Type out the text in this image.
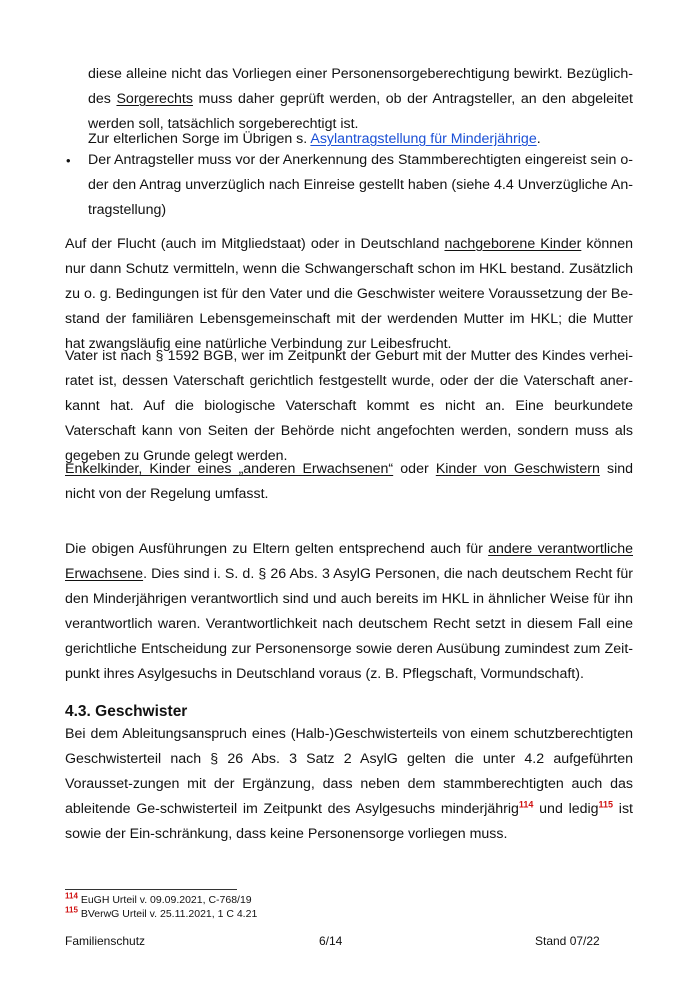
diese alleine nicht das Vorliegen einer Personensorgeberechtigung bewirkt. Bezüglich-des Sorgerechts muss daher geprüft werden, ob der Antragsteller, an den abgeleitet werden soll, tatsächlich sorgeberechtigt ist.

Zur elterlichen Sorge im Übrigen s. Asylantragstellung für Minderjährige.

• Der Antragsteller muss vor der Anerkennung des Stammberechtigten eingereist sein o-der den Antrag unverzüglich nach Einreise gestellt haben (siehe 4.4 Unverzügliche An-tragstellung)

Auf der Flucht (auch im Mitgliedstaat) oder in Deutschland nachgeborene Kinder können nur dann Schutz vermitteln, wenn die Schwangerschaft schon im HKL bestand. Zusätzlich zu o. g. Bedingungen ist für den Vater und die Geschwister weitere Voraussetzung der Be-stand der familiären Lebensgemeinschaft mit der werdenden Mutter im HKL; die Mutter hat zwangsläufig eine natürliche Verbindung zur Leibesfrucht.

Vater ist nach § 1592 BGB, wer im Zeitpunkt der Geburt mit der Mutter des Kindes verhei-ratet ist, dessen Vaterschaft gerichtlich festgestellt wurde, oder der die Vaterschaft aner-kannt hat. Auf die biologische Vaterschaft kommt es nicht an. Eine beurkundete Vaterschaft kann von Seiten der Behörde nicht angefochten werden, sondern muss als gegeben zu Grunde gelegt werden.

Enkelkinder, Kinder eines „anderen Erwachsenen“ oder Kinder von Geschwistern sind nicht von der Regelung umfasst.

Die obigen Ausführungen zu Eltern gelten entsprechend auch für andere verantwortliche Erwachsene. Dies sind i. S. d. § 26 Abs. 3 AsylG Personen, die nach deutschem Recht für den Minderjährigen verantwortlich sind und auch bereits im HKL in ähnlicher Weise für ihn verantwortlich waren. Verantwortlichkeit nach deutschem Recht setzt in diesem Fall eine gerichtliche Entscheidung zur Personensorge sowie deren Ausübung zumindest zum Zeit-punkt ihres Asylgesuchs in Deutschland voraus (z. B. Pflegschaft, Vormundschaft).

4.3. Geschwister

Bei dem Ableitungsanspruch eines (Halb-)Geschwisterteils von einem schutzberechtigten Geschwisterteil nach § 26 Abs. 3 Satz 2 AsylG gelten die unter 4.2 aufgeführten Vorausset-zungen mit der Ergänzung, dass neben dem stammberechtigten auch das ableitende Ge-schwisterteil im Zeitpunkt des Asylgesuchs minderjährig$^{114}$ und ledig$^{115}$ ist sowie der Ein-schränkung, dass keine Personensorge vorliegen muss.

$^{114}$ EuGH Urteil v. 09.09.2021, C-768/19
$^{115}$ BVerwG Urteil v. 25.11.2021, 1 C 4.21
Familienschutz	6/14	Stand 07/22
